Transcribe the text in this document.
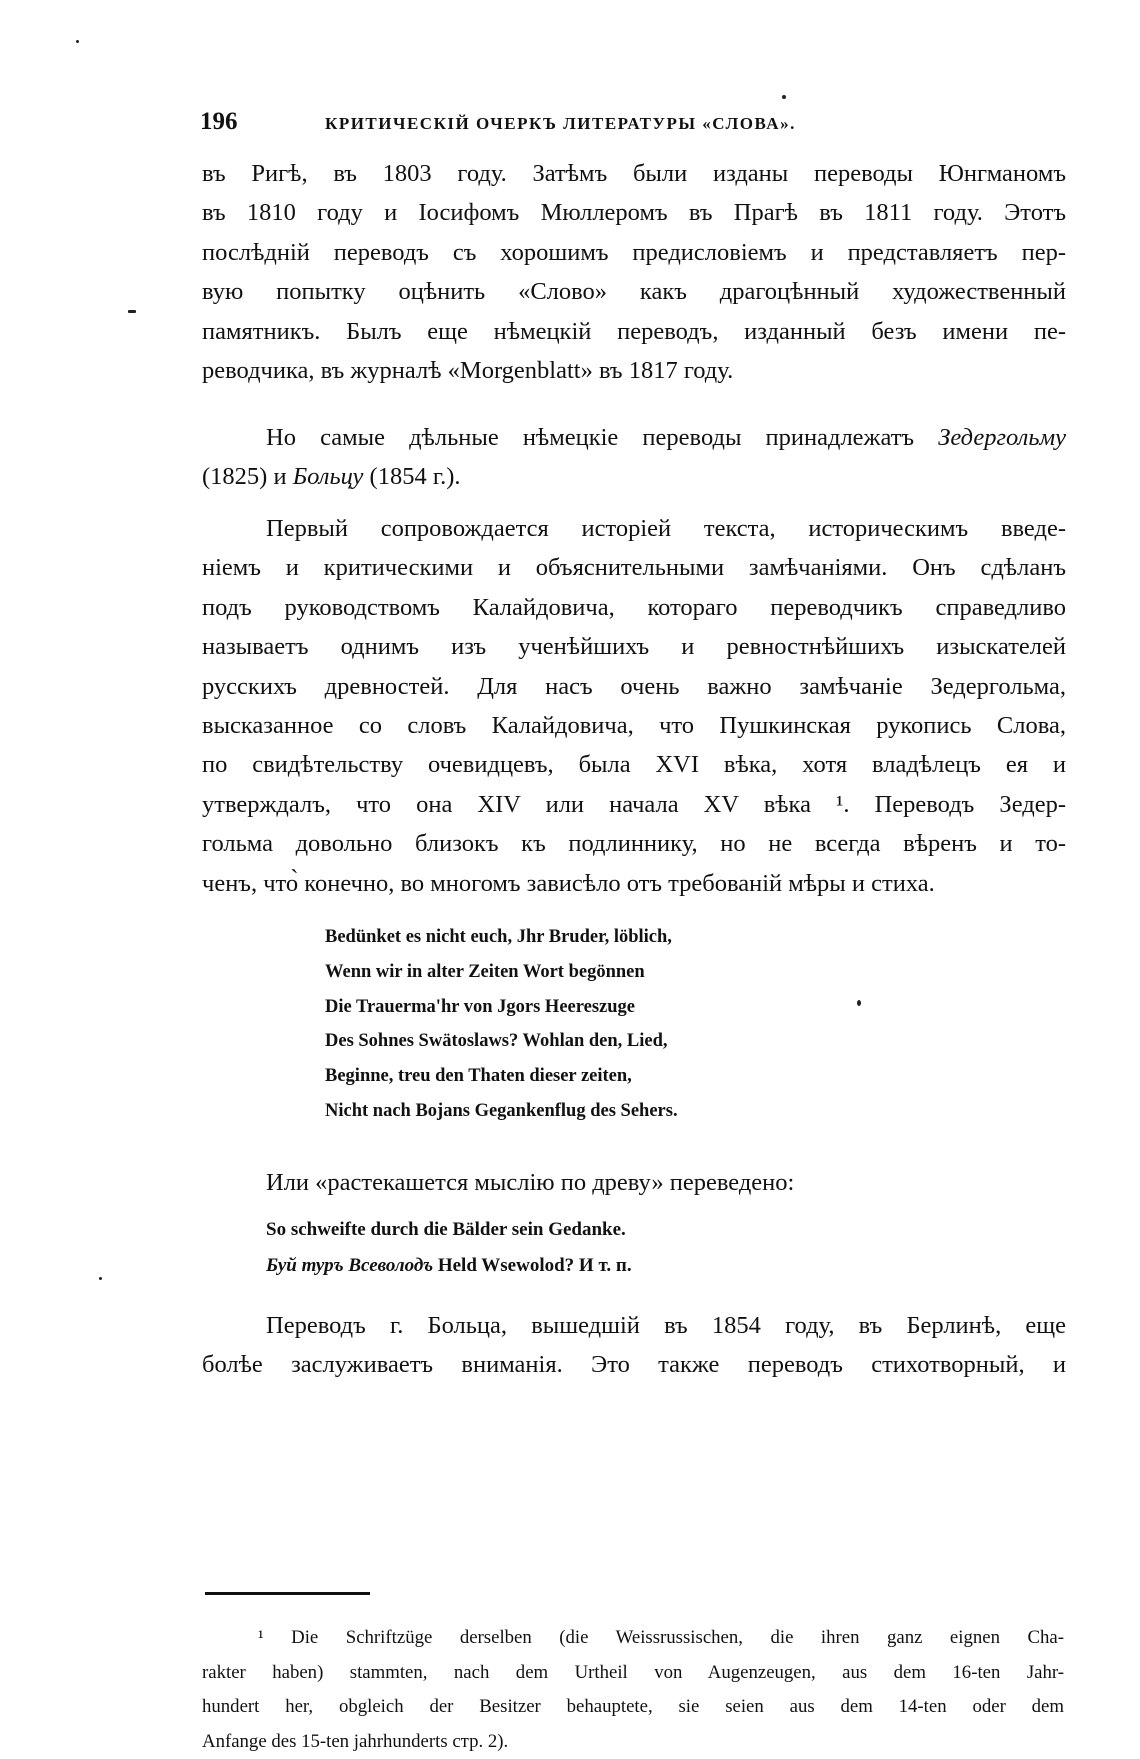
196	КРИТИЧЕСКІЙ ОЧЕРКЪ ЛИТЕРАТУРЫ «СЛОВА».
въ Ригѣ, въ 1803 году. Затѣмъ были изданы переводы Юнгманомъ
въ 1810 году и Іосифомъ Мюллеромъ въ Прагѣ въ 1811 году. Этотъ
послѣдній переводъ съ хорошимъ предисловіемъ и представляетъ пер-
вую попытку оцѣнить «Слово» какъ драгоцѣнный художественный
памятникъ. Былъ еще нѣмецкій переводъ, изданный безъ имени пе-
реводчика, въ журналѣ «Morgenblatt» въ 1817 году.
Но самые дѣльные нѣмецкіе переводы принадлежатъ Зедергольму
(1825) и Больцу (1854 г.).
Первый сопровождается исторіей текста, историческимъ введе-
ніемъ и критическими и объяснительными замѣчаніями. Онъ сдѣланъ
подъ руководствомъ Калайдовича, котораго переводчикъ справедливо
называетъ однимъ изъ ученѣйшихъ и ревностнѣйшихъ изыскателей
русскихъ древностей. Для насъ очень важно замѣчаніе Зедергольма,
высказанное со словъ Калайдовича, что Пушкинская рукопись Слова,
по свидѣтельству очевидцевъ, была XVI вѣка, хотя владѣлецъ ея и
утверждалъ, что она XIV или начала XV вѣка ¹. Переводъ Зедер-
гольма довольно близокъ къ подлиннику, но не всегда вѣренъ и то-
ченъ, что̀ конечно, во многомъ зависѣло отъ требованій мѣры и стиха.
Bedünket es nicht euch, Jhr Bruder, löblich,
Wenn wir in alter Zeiten Wort begönnen
Die Trauerma'hr von Jgors Heereszuge
Des Sohnes Swätoslaws? Wohlan den, Lied,
Beginne, treu den Thaten dieser zeiten,
Nicht nach Bojans Gegankenflug des Sehers.
Или «растекашется мыслію по древу» переведено:
So schweifte durch die Bälder sein Gedanke.
Буй туръ Всеволодъ Held Wsewolod? И т. п.
Переводъ г. Больца, вышедшій въ 1854 году, въ Берлинѣ, еще
болѣе заслуживаетъ вниманія. Это также переводъ стихотворный, и
¹ Die Schriftzüge derselben (die Weissrussischen, die ihren ganz eignen Cha-
rakter haben) stammten, nach dem Urtheil von Augenzeugen, aus dem 16-ten Jahr-
hundert her, obgleich der Besitzer behauptete, sie seien aus dem 14-ten oder dem
Anfange des 15-ten jahrhunderts стр. 2).
